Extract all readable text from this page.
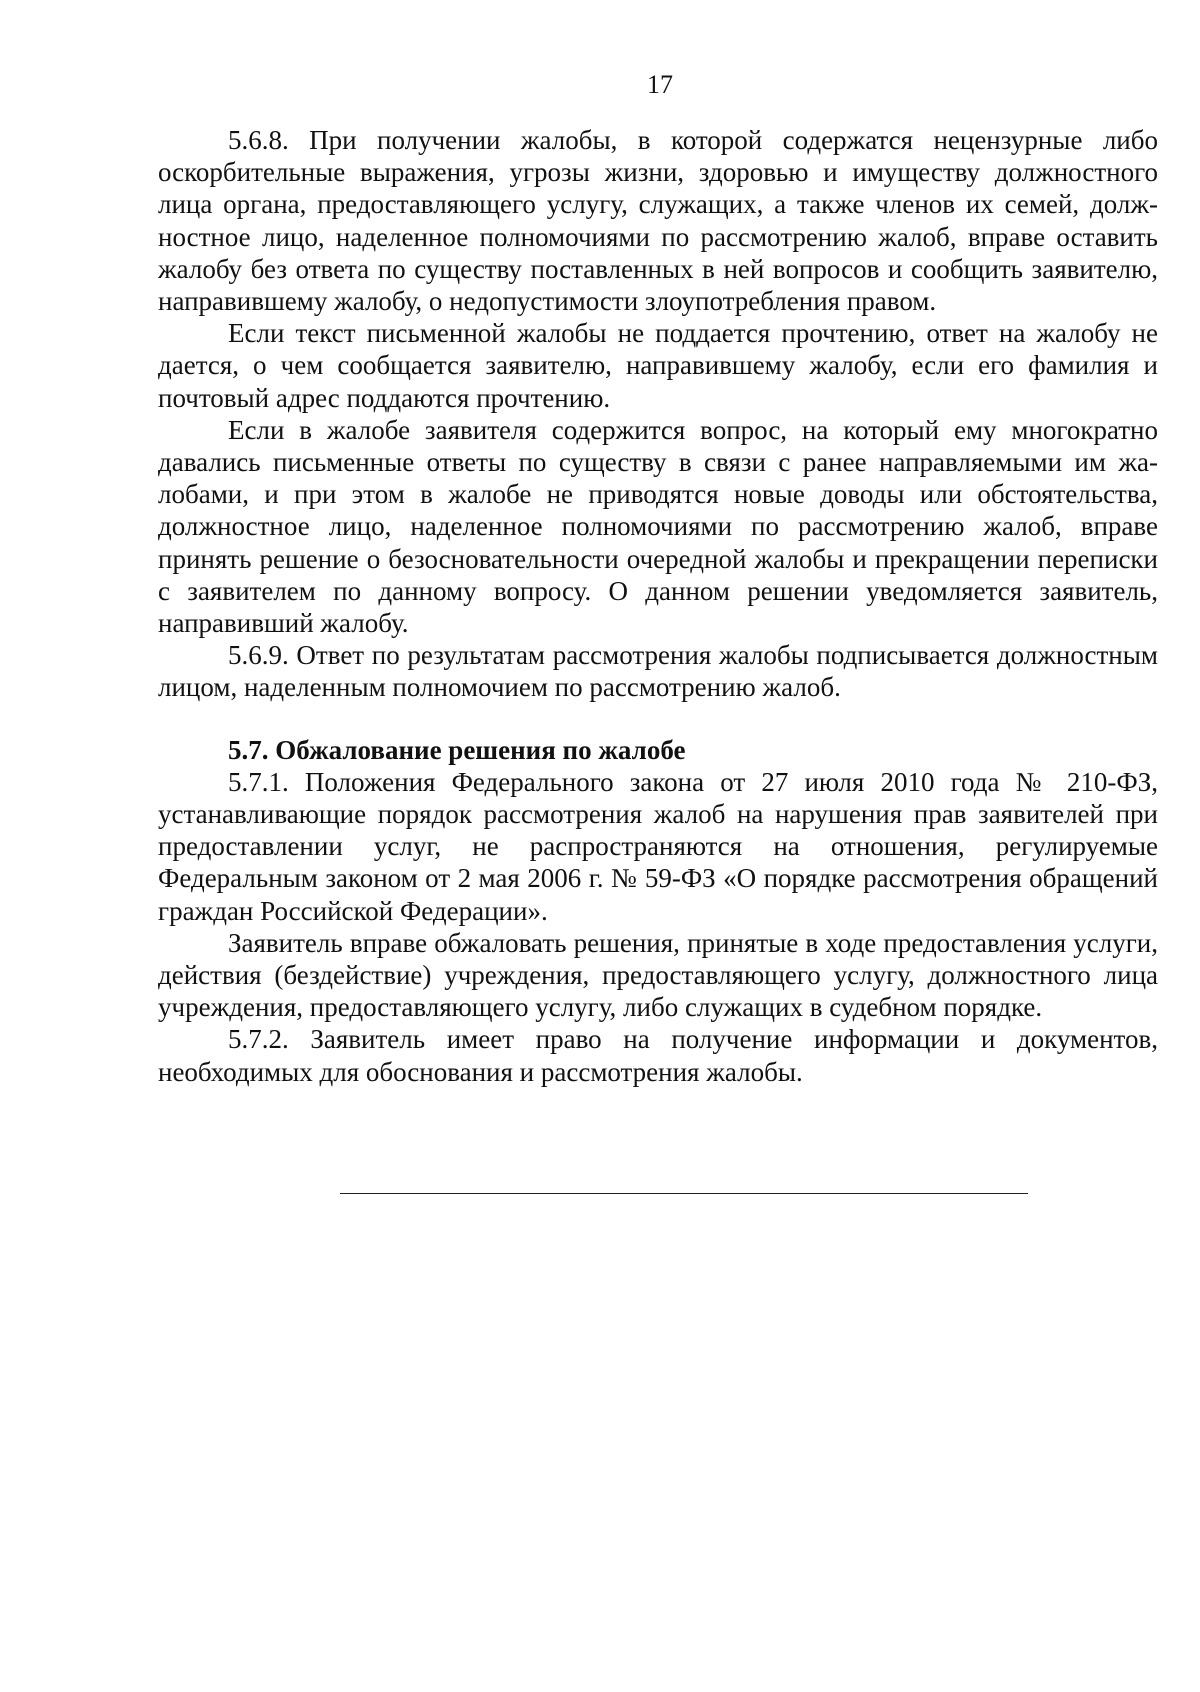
17

5.6.8. При получении жалобы, в которой содержатся нецензурные либо оскорбительные выражения, угрозы жизни, здоровью и имуществу должностного лица органа, предоставляющего услугу, служащих, а также членов их семей, должностное лицо, наделенное полномочиями по рассмотрению жалоб, вправе оставить жалобу без ответа по существу поставленных в ней вопросов и сообщить заявителю, направившему жалобу, о недопустимости злоупотребления правом.

Если текст письменной жалобы не поддается прочтению, ответ на жалобу не дается, о чем сообщается заявителю, направившему жалобу, если его фамилия и почтовый адрес поддаются прочтению.

Если в жалобе заявителя содержится вопрос, на который ему многократно давались письменные ответы по существу в связи с ранее направляемыми им жалобами, и при этом в жалобе не приводятся новые доводы или обстоятельства, должностное лицо, наделенное полномочиями по рассмотрению жалоб, вправе принять решение о безосновательности очередной жалобы и прекращении переписки с заявителем по данному вопросу. О данном решении уведомляется заявитель, направивший жалобу.

5.6.9. Ответ по результатам рассмотрения жалобы подписывается должностным лицом, наделенным полномочием по рассмотрению жалоб.

5.7. Обжалование решения по жалобе

5.7.1. Положения Федерального закона от 27 июля 2010 года № 210-ФЗ, устанавливающие порядок рассмотрения жалоб на нарушения прав заявителей при предоставлении услуг, не распространяются на отношения, регулируемые Федеральным законом от 2 мая 2006 г. № 59-ФЗ «О порядке рассмотрения обращений граждан Российской Федерации».

Заявитель вправе обжаловать решения, принятые в ходе предоставления услуги, действия (бездействие) учреждения, предоставляющего услугу, должностного лица учреждения, предоставляющего услугу, либо служащих в судебном порядке.

5.7.2. Заявитель имеет право на получение информации и документов, необходимых для обоснования и рассмотрения жалобы.
